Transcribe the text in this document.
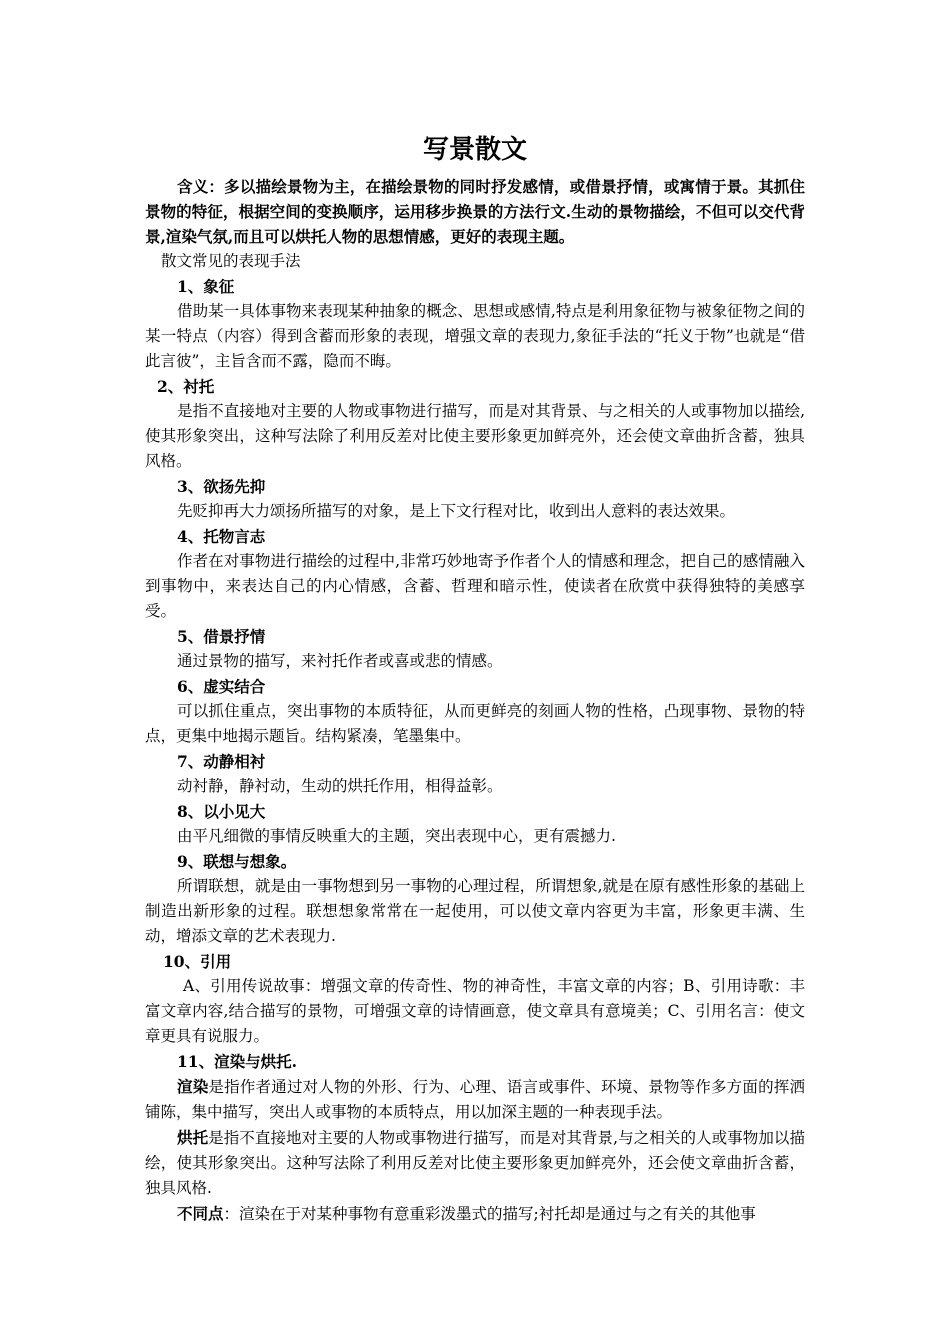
写景散文

含义：多以描绘景物为主，在描绘景物的同时抒发感情，或借景抒情，或寓情于景。其抓住景物的特征，根据空间的变换顺序，运用移步换景的方法行文.生动的景物描绘，不但可以交代背景,渲染气氛,而且可以烘托人物的思想情感，更好的表现主题。

散文常见的表现手法

1、象征

借助某一具体事物来表现某种抽象的概念、思想或感情,特点是利用象征物与被象征物之间的某一特点（内容）得到含蓄而形象的表现，增强文章的表现力,象征手法的“托义于物”也就是“借此言彼”，主旨含而不露，隐而不晦。

2、衬托

是指不直接地对主要的人物或事物进行描写，而是对其背景、与之相关的人或事物加以描绘,使其形象突出，这种写法除了利用反差对比使主要形象更加鲜亮外，还会使文章曲折含蓄，独具风格。

3、欲扬先抑

先贬抑再大力颂扬所描写的对象，是上下文行程对比，收到出人意料的表达效果。

4、托物言志

作者在对事物进行描绘的过程中,非常巧妙地寄予作者个人的情感和理念，把自己的感情融入到事物中，来表达自己的内心情感，含蓄、哲理和暗示性，使读者在欣赏中获得独特的美感享受。

5、借景抒情

通过景物的描写，来衬托作者或喜或悲的情感。

6、虚实结合

可以抓住重点，突出事物的本质特征，从而更鲜亮的刻画人物的性格，凸现事物、景物的特点，更集中地揭示题旨。结构紧凑，笔墨集中。

7、动静相衬

动衬静，静衬动，生动的烘托作用，相得益彰。

8、以小见大

由平凡细微的事情反映重大的主题，突出表现中心，更有震撼力.

9、联想与想象。

所谓联想，就是由一事物想到另一事物的心理过程，所谓想象,就是在原有感性形象的基础上制造出新形象的过程。联想想象常常在一起使用，可以使文章内容更为丰富，形象更丰满、生动，增添文章的艺术表现力.

10、引用

A、引用传说故事：增强文章的传奇性、物的神奇性，丰富文章的内容；B、引用诗歌：丰富文章内容,结合描写的景物，可增强文章的诗情画意，使文章具有意境美；C、引用名言：使文章更具有说服力。

11、渲染与烘托.

渲染是指作者通过对人物的外形、行为、心理、语言或事件、环境、景物等作多方面的挥洒铺陈，集中描写，突出人或事物的本质特点，用以加深主题的一种表现手法。

烘托是指不直接地对主要的人物或事物进行描写，而是对其背景,与之相关的人或事物加以描绘，使其形象突出。这种写法除了利用反差对比使主要形象更加鲜亮外，还会使文章曲折含蓄，独具风格.

不同点：渲染在于对某种事物有意重彩泼墨式的描写;衬托却是通过与之有关的其他事
